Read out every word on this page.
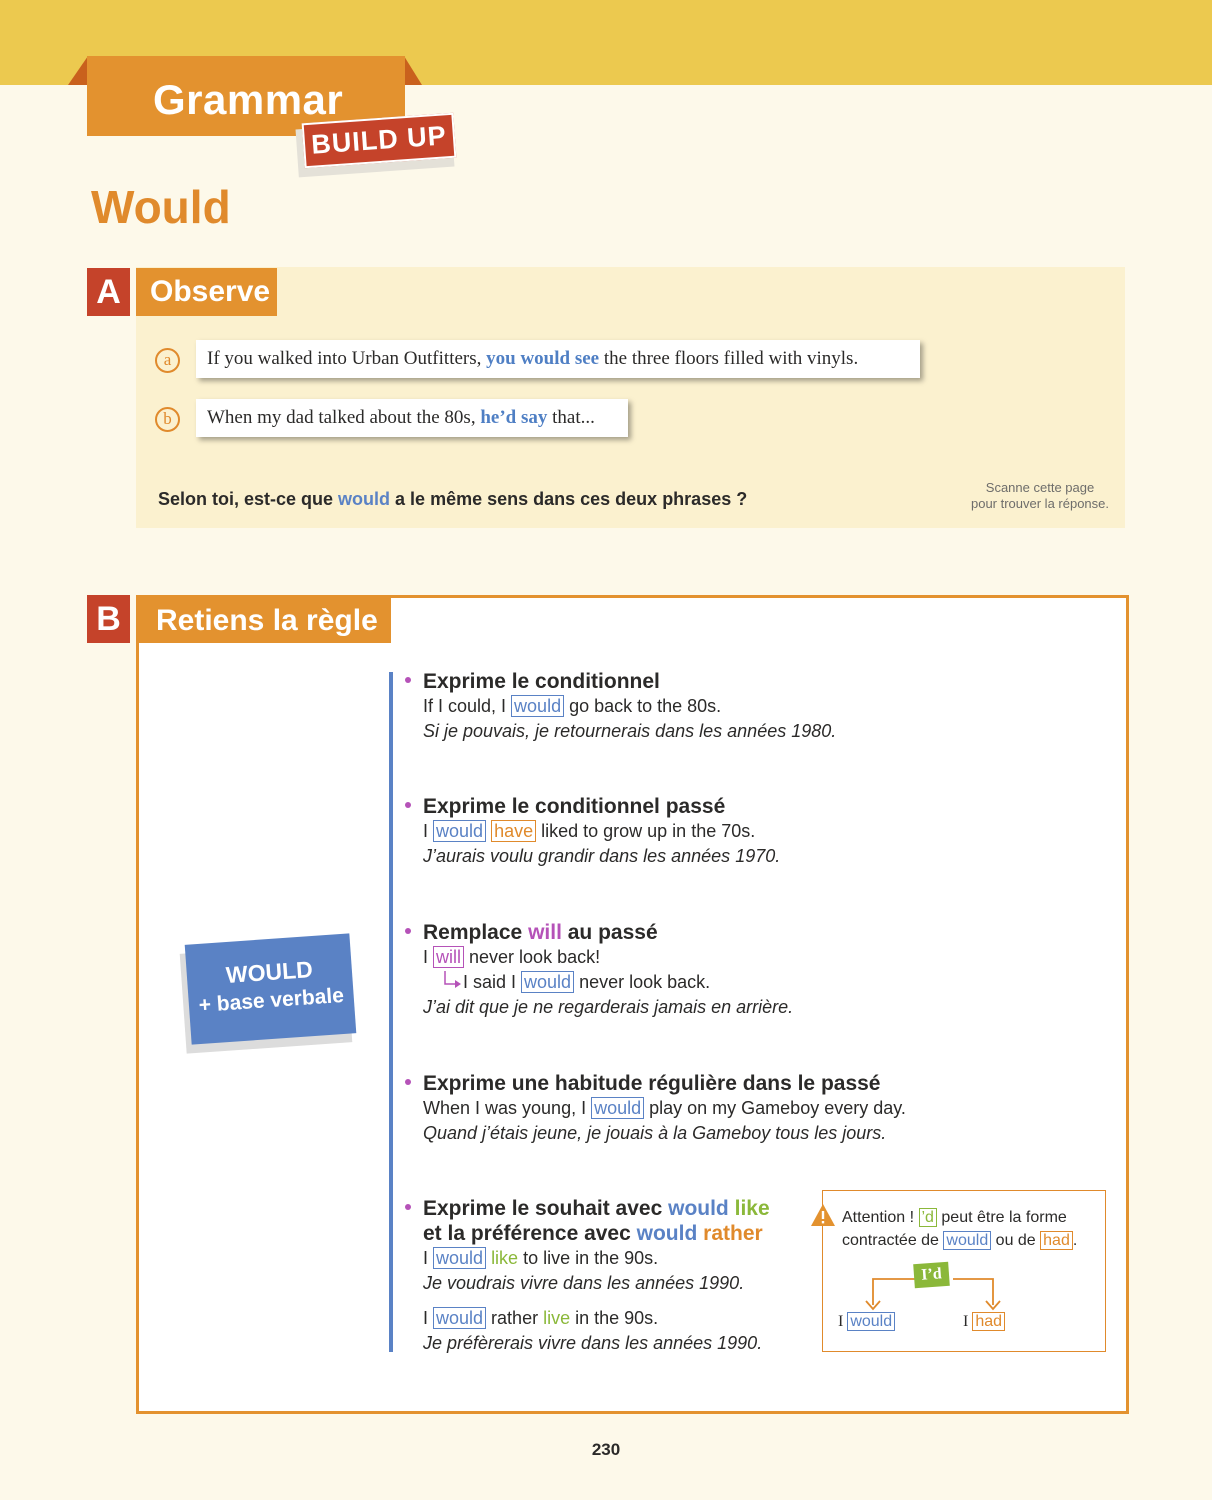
Grammar
BUILD UP
Would
A Observe
a	If you walked into Urban Outfitters, you would see the three floors filled with vinyls.
b	When my dad talked about the 80s, he’d say that...
Selon toi, est-ce que would a le même sens dans ces deux phrases ?
Scanne cette page
pour trouver la réponse.
B	Retiens la règle
WOULD
+ base verbale
Exprime le conditionnel
If I could, I would go back to the 80s.
Si je pouvais, je retournerais dans les années 1980.
Exprime le conditionnel passé
I would have liked to grow up in the 70s.
J’aurais voulu grandir dans les années 1970.
Remplace will au passé
I will never look back!
I said I would never look back.
J’ai dit que je ne regarderais jamais en arrière.
Exprime une habitude régulière dans le passé
When I was young, I would play on my Gameboy every day.
Quand j’étais jeune, je jouais à la Gameboy tous les jours.
Exprime le souhait avec would like
et la préférence avec would rather
I would like to live in the 90s.
Je voudrais vivre dans les années 1990.
I would rather live in the 90s.
Je préfèrerais vivre dans les années 1990.
Attention ! ’d peut être la forme
contractée de would ou de had .
I’d
I would	I had
230
